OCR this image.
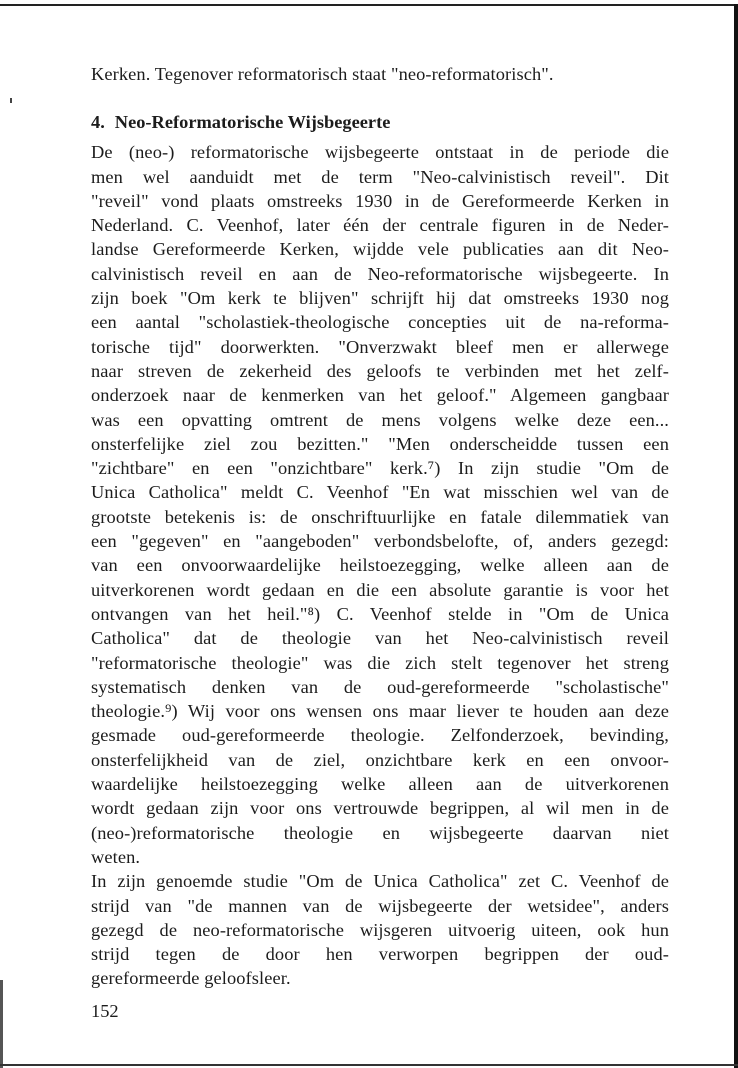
Kerken. Tegenover reformatorisch staat "neo-reformatorisch".
4. Neo-Reformatorische Wijsbegeerte
De (neo-) reformatorische wijsbegeerte ontstaat in de periode die
men wel aanduidt met de term "Neo-calvinistisch reveil". Dit
"reveil" vond plaats omstreeks 1930 in de Gereformeerde Kerken in
Nederland. C. Veenhof, later één der centrale figuren in de Neder-
landse Gereformeerde Kerken, wijdde vele publicaties aan dit Neo-
calvinistisch reveil en aan de Neo-reformatorische wijsbegeerte. In
zijn boek "Om kerk te blijven" schrijft hij dat omstreeks 1930 nog
een aantal "scholastiek-theologische concepties uit de na-reforma-
torische tijd" doorwerkten. "Onverzwakt bleef men er allerwege
naar streven de zekerheid des geloofs te verbinden met het zelf-
onderzoek naar de kenmerken van het geloof." Algemeen gangbaar
was een opvatting omtrent de mens volgens welke deze een...
onsterfelijke ziel zou bezitten." "Men onderscheidde tussen een
"zichtbare" en een "onzichtbare" kerk.⁷) In zijn studie "Om de
Unica Catholica" meldt C. Veenhof "En wat misschien wel van de
grootste betekenis is: de onschriftuurlijke en fatale dilemmatiek van
een "gegeven" en "aangeboden" verbondsbelofte, of, anders gezegd:
van een onvoorwaardelijke heilstoezegging, welke alleen aan de
uitverkorenen wordt gedaan en die een absolute garantie is voor het
ontvangen van het heil."⁸) C. Veenhof stelde in "Om de Unica
Catholica" dat de theologie van het Neo-calvinistisch reveil
"reformatorische theologie" was die zich stelt tegenover het streng
systematisch denken van de oud-gereformeerde "scholastische"
theologie.⁹) Wij voor ons wensen ons maar liever te houden aan deze
gesmade oud-gereformeerde theologie. Zelfonderzoek, bevinding,
onsterfelijkheid van de ziel, onzichtbare kerk en een onvoor-
waardelijke heilstoezegging welke alleen aan de uitverkorenen
wordt gedaan zijn voor ons vertrouwde begrippen, al wil men in de
(neo-)reformatorische theologie en wijsbegeerte daarvan niet
weten.
In zijn genoemde studie "Om de Unica Catholica" zet C. Veenhof de
strijd van "de mannen van de wijsbegeerte der wetsidee", anders
gezegd de neo-reformatorische wijsgeren uitvoerig uiteen, ook hun
strijd tegen de door hen verworpen begrippen der oud-
gereformeerde geloofsleer.
152
